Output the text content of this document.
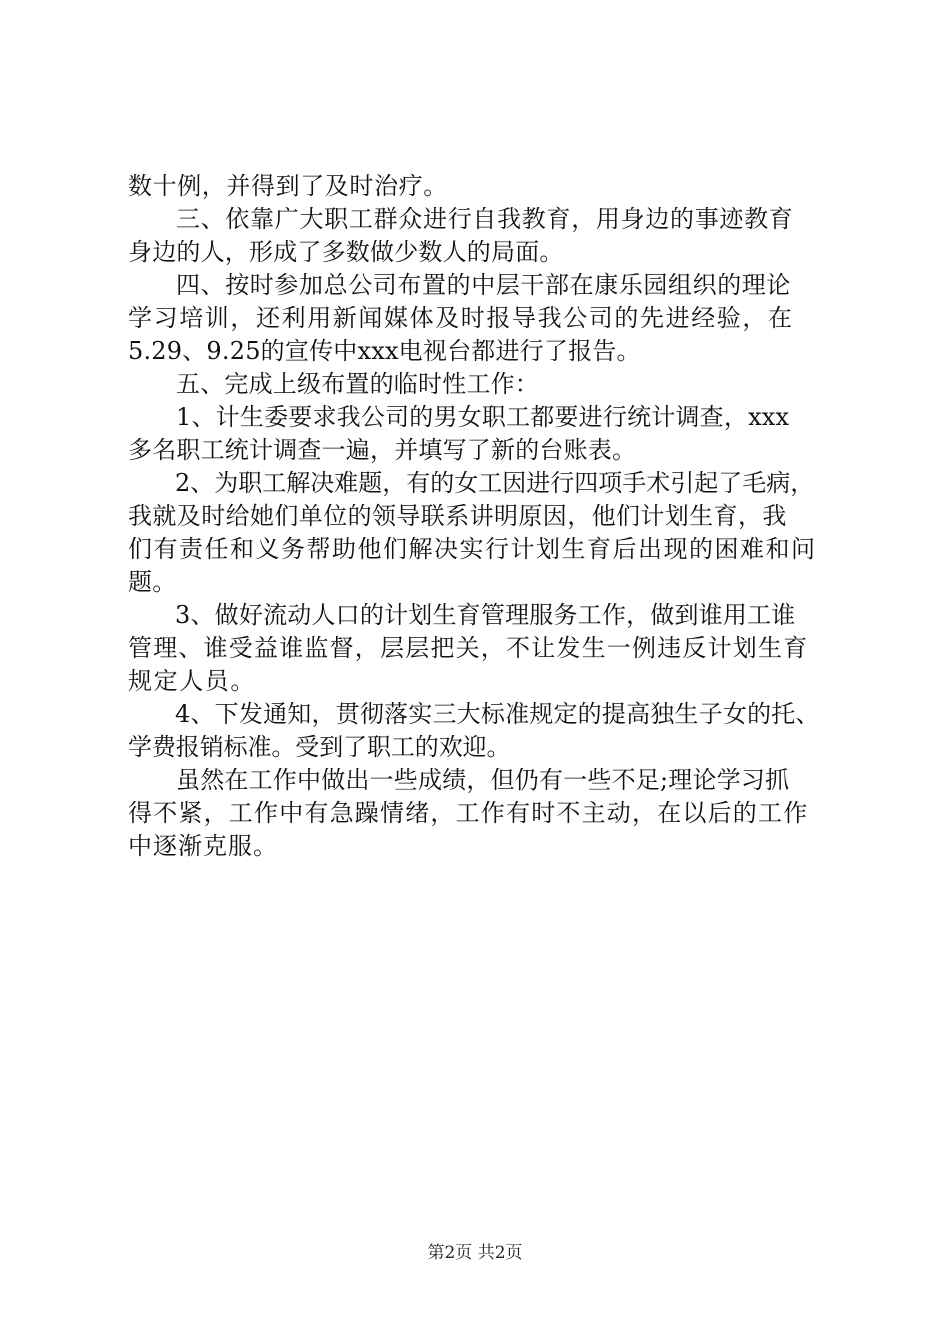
数十例，并得到了及时治疗。
三、依靠广大职工群众进行自我教育，用身边的事迹教育
身边的人，形成了多数做少数人的局面。
四、按时参加总公司布置的中层干部在康乐园组织的理论
学习培训，还利用新闻媒体及时报导我公司的先进经验，在
5.29、9.25的宣传中xxx电视台都进行了报告。
五、完成上级布置的临时性工作：
1、计生委要求我公司的男女职工都要进行统计调查，xxx
多名职工统计调查一遍，并填写了新的台账表。
2、为职工解决难题，有的女工因进行四项手术引起了毛病，
我就及时给她们单位的领导联系讲明原因，他们计划生育，我
们有责任和义务帮助他们解决实行计划生育后出现的困难和问
题。
3、做好流动人口的计划生育管理服务工作，做到谁用工谁
管理、谁受益谁监督，层层把关，不让发生一例违反计划生育
规定人员。
4、下发通知，贯彻落实三大标准规定的提高独生子女的托、
学费报销标准。受到了职工的欢迎。
虽然在工作中做出一些成绩，但仍有一些不足;理论学习抓
得不紧，工作中有急躁情绪，工作有时不主动，在以后的工作
中逐渐克服。
第2页 共2页
